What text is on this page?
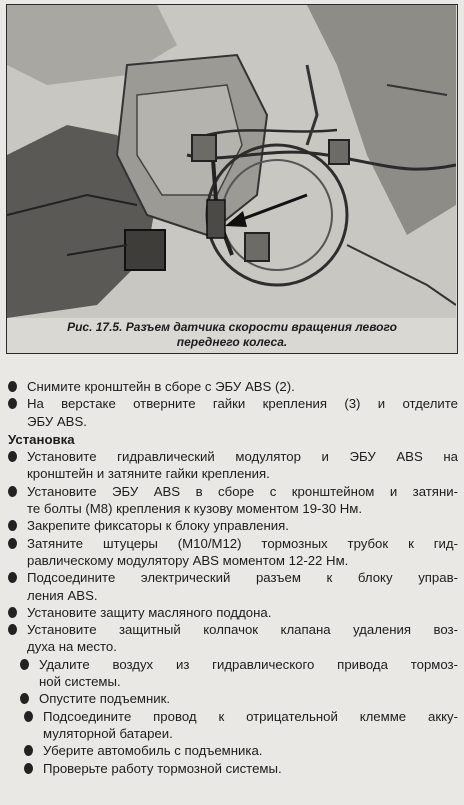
Рис. 17.5. Разъем датчика скорости вращения левого
переднего колеса.
Снимите кронштейн в сборе с ЭБУ ABS (2).
На верстаке отверните гайки крепления (3) и отделите
ЭБУ ABS.
Установка
Установите гидравлический модулятор и ЭБУ ABS на
кронштейн и затяните гайки крепления.
Установите ЭБУ ABS в сборе с кронштейном и затяни-
те болты (M8) крепления к кузову моментом 19-30 Нм.
Закрепите фиксаторы к блоку управления.
Затяните штуцеры (M10/M12) тормозных трубок к гид-
равлическому модулятору ABS моментом 12-22 Нм.
Подсоедините электрический разъем к блоку управ-
ления ABS.
Установите защиту масляного поддона.
Установите защитный колпачок клапана удаления воз-
духа на место.
Удалите воздух из гидравлического привода тормоз-
ной системы.
Опустите подъемник.
Подсоедините провод к отрицательной клемме акку-
муляторной батареи.
Уберите автомобиль с подъемника.
Проверьте работу тормозной системы.
